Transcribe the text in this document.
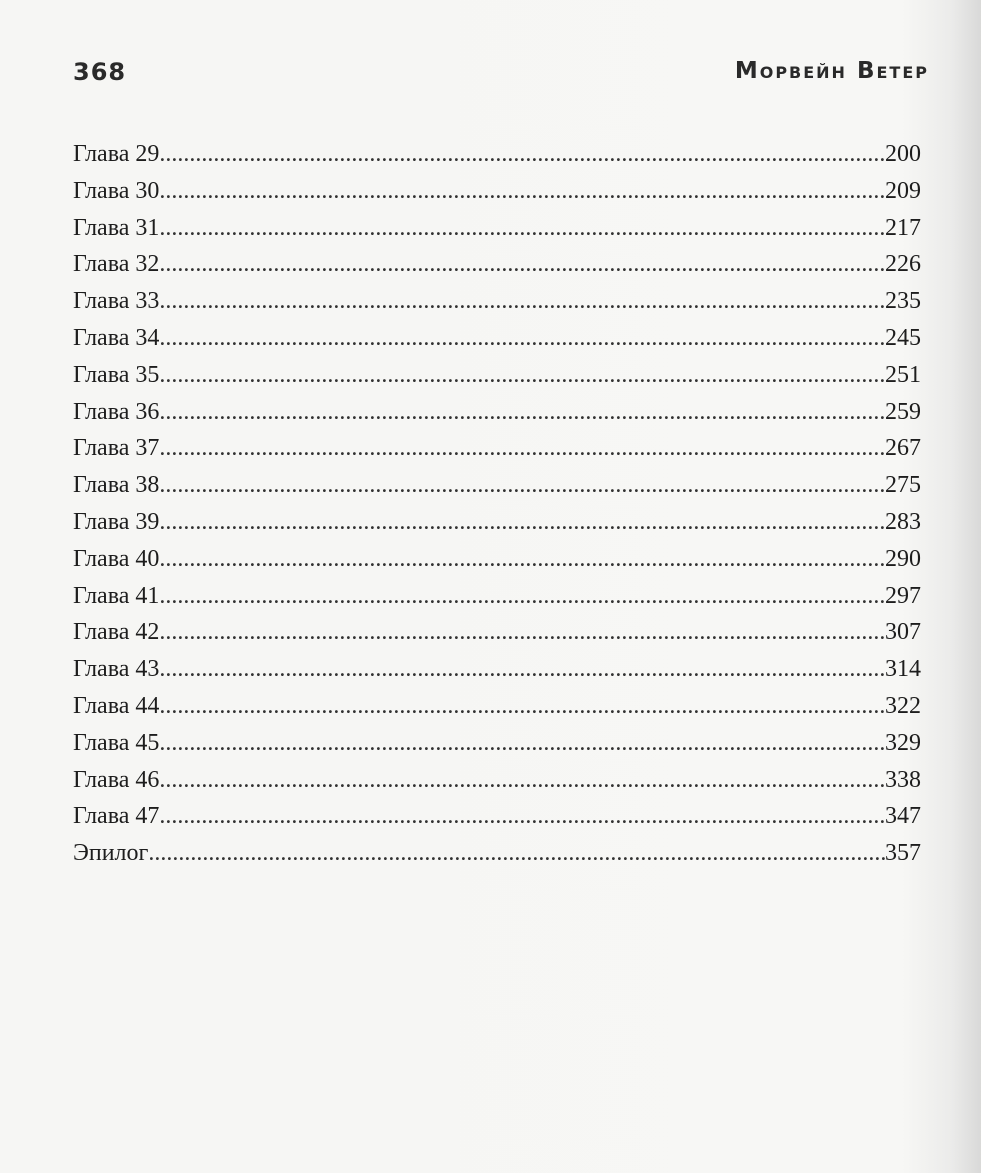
368	Морвейн Ветер
Глава 29 .....	200
Глава 30 .....	209
Глава 31 .....	217
Глава 32 .....	226
Глава 33 .....	235
Глава 34 .....	245
Глава 35 .....	251
Глава 36 .....	259
Глава 37 .....	267
Глава 38 .....	275
Глава 39 .....	283
Глава 40 .....	290
Глава 41 .....	297
Глава 42 .....	307
Глава 43 .....	314
Глава 44 .....	322
Глава 45 .....	329
Глава 46 .....	338
Глава 47 .....	347
Эпилог .....	357
